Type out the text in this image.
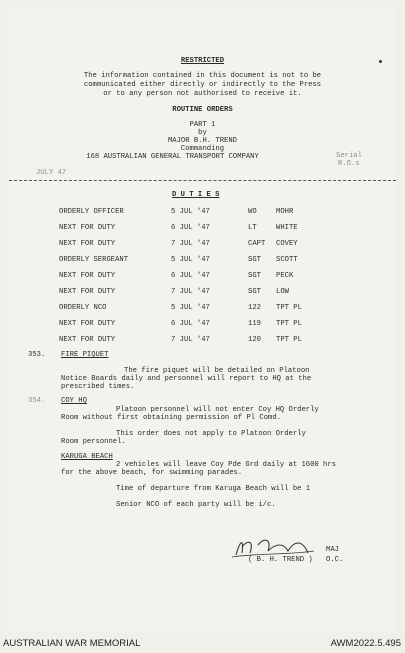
RESTRICTED
The information contained in this document is not to be
communicated either directly or indirectly to the Press
or to any person not authorised to receive it.
ROUTINE ORDERS
PART 1
by
MAJOR B.H. TREND
Commanding
168 AUSTRALIAN GENERAL TRANSPORT COMPANY	Serial
R.O.s
JULY 47
D U T I E S
ORDERLY OFFICER	5 JUL '47	WO	MOHR
NEXT FOR DUTY	6 JUL '47	LT	WHITE
NEXT FOR DUTY	7 JUL '47	CAPT COVEY
ORDERLY SERGEANT	5 JUL '47	SGT SCOTT
NEXT FOR DUTY	6 JUL '47	SGT PECK
NEXT FOR DUTY	7 JUL '47	SGT LOW
ORDERLY NCO	5 JUL '47	122 TPT PL
NEXT FOR DUTY	6 JUL '47	119 TPT PL
NEXT FOR DUTY	7 JUL '47	120 TPT PL
353. FIRE PIQUET
The fire piquet will be detailed on Platoon
Notice Boards daily and personnel will report to HQ at the
prescribed times.
354. COY HQ
Platoon personnel will not enter Coy HQ Orderly
Room without first obtaining permission of Pl Comd.
This order does not apply to Platoon Orderly
Room personnel.
KARUGA BEACH
2 vehicles will leave Coy Pde Grd daily at 1600 hrs
for the above beach, for swimming parades.
Time of departure from Karuga Beach will be 1
Senior NCO of each party will be i/c.
MAJ
( B. H. TREND ) O.C.
AUSTRALIAN WAR MEMORIAL	AWM2022.5.495
